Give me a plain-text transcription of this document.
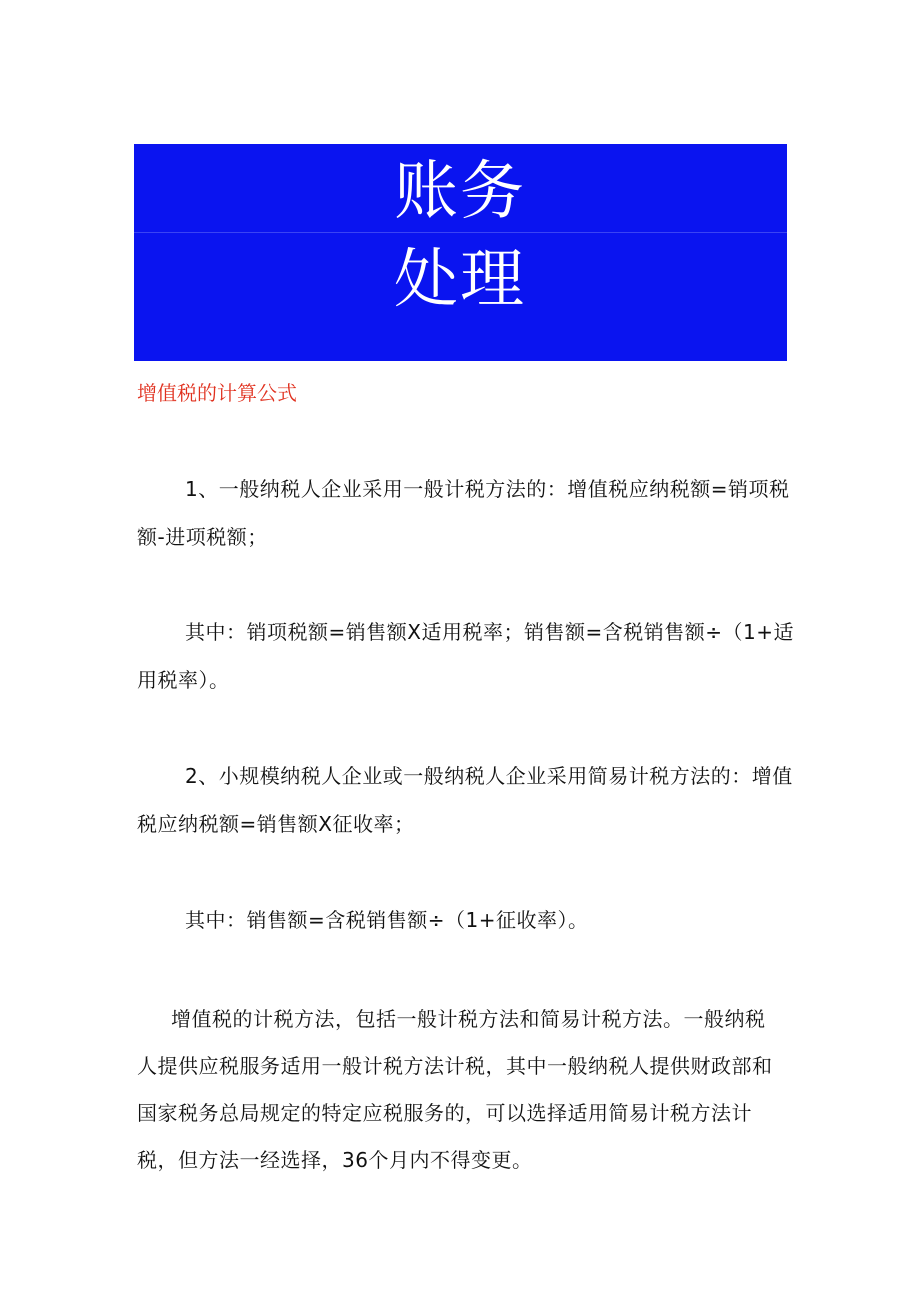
账务
处理
增值税的计算公式
1、一般纳税人企业采用一般计税方法的：增值税应纳税额=销项税额-进项税额；
其中：销项税额=销售额X适用税率；销售额=含税销售额÷（1+适用税率）。
2、小规模纳税人企业或一般纳税人企业采用简易计税方法的：增值税应纳税额=销售额X征收率；
其中：销售额=含税销售额÷（1+征收率）。
增值税的计税方法，包括一般计税方法和简易计税方法。一般纳税人提供应税服务适用一般计税方法计税，其中一般纳税人提供财政部和国家税务总局规定的特定应税服务的，可以选择适用简易计税方法计税，但方法一经选择，36个月内不得变更。
